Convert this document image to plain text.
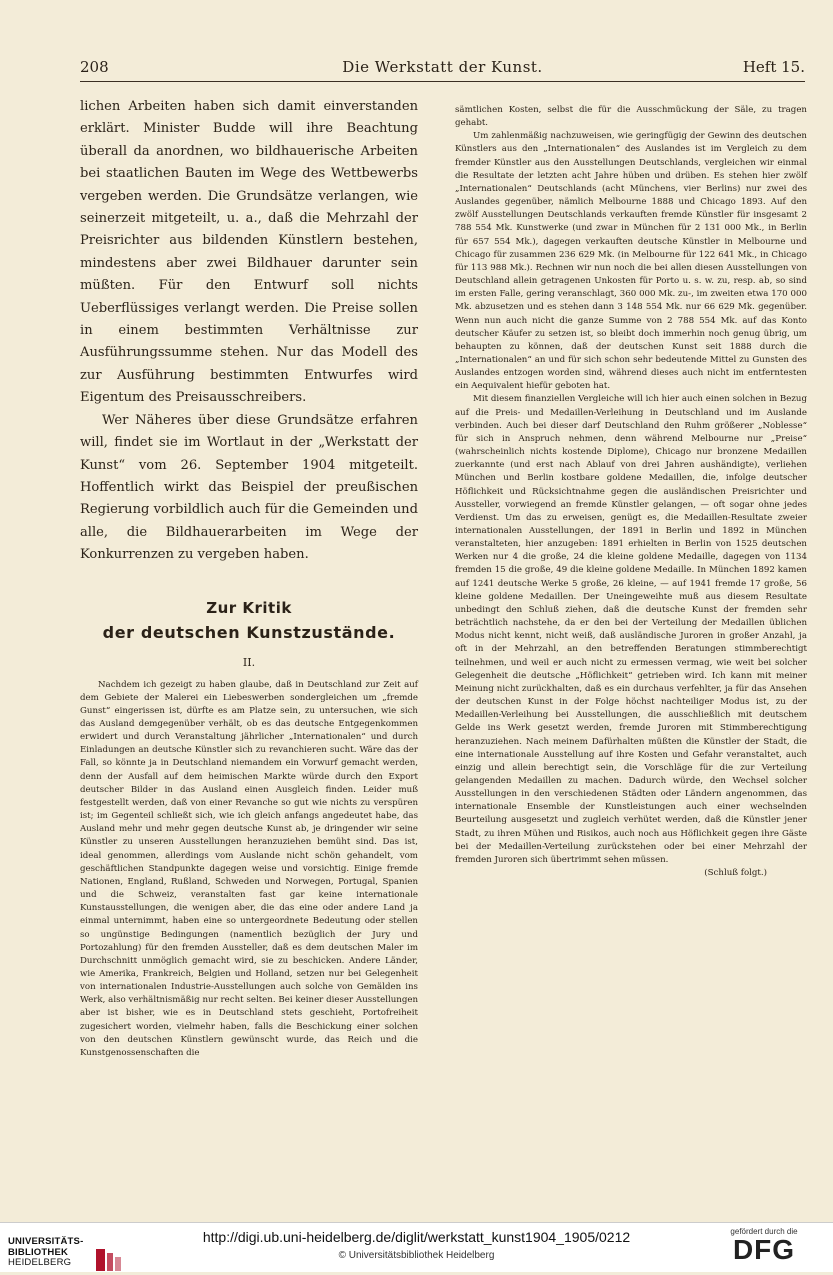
208	Die Werkstatt der Kunst.	Heft 15.

lichen Arbeiten haben sich damit einverstanden erklärt. Minister Budde will ihre Beachtung überall da anordnen, wo bildhauerische Arbeiten bei staatlichen Bauten im Wege des Wettbewerbs vergeben werden. Die Grundsätze verlangen, wie seinerzeit mitgeteilt, u. a., daß die Mehrzahl der Preisrichter aus bildenden Künstlern bestehen, mindestens aber zwei Bildhauer darunter sein müßten. Für den Entwurf soll nichts Ueberflüssiges verlangt werden. Die Preise sollen in einem bestimmten Verhältnisse zur Ausführungssumme stehen. Nur das Modell des zur Ausführung bestimmten Entwurfes wird Eigentum des Preisausschreibers.

Wer Näheres über diese Grundsätze erfahren will, findet sie im Wortlaut in der „Werkstatt der Kunst“ vom 26. September 1904 mitgeteilt. Hoffentlich wirkt das Beispiel der preußischen Regierung vorbildlich auch für die Gemeinden und alle, die Bildhauerarbeiten im Wege der Konkurrenzen zu vergeben haben.

Zur Kritik

der deutschen Kunstzustände.

II.

Nachdem ich gezeigt zu haben glaube, daß in Deutschland zur Zeit auf dem Gebiete der Malerei ein Liebeswerben sondergleichen um „fremde Gunst“ eingerissen ist, dürfte es am Platze sein, zu untersuchen, wie sich das Ausland demgegenüber verhält, ob es das deutsche Entgegenkommen erwidert und durch Veranstaltung jährlicher „Internationalen“ und durch Einladungen an deutsche Künstler sich zu revanchieren sucht. Wäre das der Fall, so könnte ja in Deutschland niemandem ein Vorwurf gemacht werden, denn der Ausfall auf dem heimischen Markte würde durch den Export deutscher Bilder in das Ausland einen Ausgleich finden. Leider muß festgestellt werden, daß von einer Revanche so gut wie nichts zu verspüren ist; im Gegenteil schließt sich, wie ich gleich anfangs angedeutet habe, das Ausland mehr und mehr gegen deutsche Kunst ab, je dringender wir seine Künstler zu unseren Ausstellungen heranzuziehen bemüht sind. Das ist, ideal genommen, allerdings vom Auslande nicht schön gehandelt, vom geschäftlichen Standpunkte dagegen weise und vorsichtig. Einige fremde Nationen, England, Rußland, Schweden und Norwegen, Portugal, Spanien und die Schweiz, veranstalten fast gar keine internationale Kunstausstellungen, die wenigen aber, die das eine oder andere Land ja einmal unternimmt, haben eine so untergeordnete Bedeutung oder stellen so ungünstige Bedingungen (namentlich bezüglich der Jury und Portozahlung) für den fremden Aussteller, daß es dem deutschen Maler im Durchschnitt unmöglich gemacht wird, sie zu beschicken. Andere Länder, wie Amerika, Frankreich, Belgien und Holland, setzen nur bei Gelegenheit von internationalen Industrie-Ausstellungen auch solche von Gemälden ins Werk, also verhältnismäßig nur recht selten. Bei keiner dieser Ausstellungen aber ist bisher, wie es in Deutschland stets geschieht, Portofreiheit zugesichert worden, vielmehr haben, falls die Beschickung einer solchen von den deutschen Künstlern gewünscht wurde, das Reich und die Kunstgenossenschaften die

sämtlichen Kosten, selbst die für die Ausschmückung der Säle, zu tragen gehabt.

Um zahlenmäßig nachzuweisen, wie geringfügig der Gewinn des deutschen Künstlers aus den „Internationalen“ des Auslandes ist im Vergleich zu dem fremder Künstler aus den Ausstellungen Deutschlands, vergleichen wir einmal die Resultate der letzten acht Jahre hüben und drüben. Es stehen hier zwölf „Internationalen“ Deutschlands (acht Münchens, vier Berlins) nur zwei des Auslandes gegenüber, nämlich Melbourne 1888 und Chicago 1893. Auf den zwölf Ausstellungen Deutschlands verkauften fremde Künstler für insgesamt 2 788 554 Mk. Kunstwerke (und zwar in München für 2 131 000 Mk., in Berlin für 657 554 Mk.), dagegen verkauften deutsche Künstler in Melbourne und Chicago für zusammen 236 629 Mk. (in Melbourne für 122 641 Mk., in Chicago für 113 988 Mk.). Rechnen wir nun noch die bei allen diesen Ausstellungen von Deutschland allein getragenen Unkosten für Porto u. s. w. zu, resp. ab, so sind im ersten Falle, gering veranschlagt, 360 000 Mk. zu-, im zweiten etwa 170 000 Mk. abzusetzen und es stehen dann 3 148 554 Mk. nur 66 629 Mk. gegenüber. Wenn nun auch nicht die ganze Summe von 2 788 554 Mk. auf das Konto deutscher Käufer zu setzen ist, so bleibt doch immerhin noch genug übrig, um behaupten zu können, daß der deutschen Kunst seit 1888 durch die „Internationalen“ an und für sich schon sehr bedeutende Mittel zu Gunsten des Auslandes entzogen worden sind, während dieses auch nicht im entferntesten ein Aequivalent hiefür geboten hat.

Mit diesem finanziellen Vergleiche will ich hier auch einen solchen in Bezug auf die Preis- und Medaillen-Verleihung in Deutschland und im Auslande verbinden. Auch bei dieser darf Deutschland den Ruhm größerer „Noblesse“ für sich in Anspruch nehmen, denn während Melbourne nur „Preise“ (wahrscheinlich nichts kostende Diplome), Chicago nur bronzene Medaillen zuerkannte (und erst nach Ablauf von drei Jahren aushändigte), verliehen München und Berlin kostbare goldene Medaillen, die, infolge deutscher Höflichkeit und Rücksichtnahme gegen die ausländischen Preisrichter und Aussteller, vorwiegend an fremde Künstler gelangen, — oft sogar ohne jedes Verdienst. Um das zu erweisen, genügt es, die Medaillen-Resultate zweier internationalen Ausstellungen, der 1891 in Berlin und 1892 in München veranstalteten, hier anzugeben: 1891 erhielten in Berlin von 1525 deutschen Werken nur 4 die große, 24 die kleine goldene Medaille, dagegen von 1134 fremden 15 die große, 49 die kleine goldene Medaille. In München 1892 kamen auf 1241 deutsche Werke 5 große, 26 kleine, — auf 1941 fremde 17 große, 56 kleine goldene Medaillen. Der Uneingeweihte muß aus diesem Resultate unbedingt den Schluß ziehen, daß die deutsche Kunst der fremden sehr beträchtlich nachstehe, da er den bei der Verteilung der Medaillen üblichen Modus nicht kennt, nicht weiß, daß ausländische Juroren in großer Anzahl, ja oft in der Mehrzahl, an den betreffenden Beratungen stimmberechtigt teilnehmen, und weil er auch nicht zu ermessen vermag, wie weit bei solcher Gelegenheit die deutsche „Höflichkeit“ getrieben wird. Ich kann mit meiner Meinung nicht zurückhalten, daß es ein durchaus verfehlter, ja für das Ansehen der deutschen Kunst in der Folge höchst nachteiliger Modus ist, zu der Medaillen-Verleihung bei Ausstellungen, die ausschließlich mit deutschem Gelde ins Werk gesetzt werden, fremde Juroren mit Stimmberechtigung heranzuziehen. Nach meinem Dafürhalten müßten die Künstler der Stadt, die eine internationale Ausstellung auf ihre Kosten und Gefahr veranstaltet, auch einzig und allein berechtigt sein, die Vorschläge für die zur Verteilung gelangenden Medaillen zu machen. Dadurch würde, den Wechsel solcher Ausstellungen in den verschiedenen Städten oder Ländern angenommen, das internationale Ensemble der Kunstleistungen auch einer wechselnden Beurteilung ausgesetzt und zugleich verhütet werden, daß die Künstler jener Stadt, zu ihren Mühen und Risikos, auch noch aus Höflichkeit gegen ihre Gäste bei der Medaillen-Verteilung zurückstehen oder bei einer Mehrzahl der fremden Juroren sich übertrimmt sehen müssen.

(Schluß folgt.)

UNIVERSITÄTS-
BIBLIOTHEK
HEIDELBERG
http://digi.ub.uni-heidelberg.de/diglit/werkstatt_kunst1904_1905/0212
© Universitätsbibliothek Heidelberg
gefördert durch die
DFG
